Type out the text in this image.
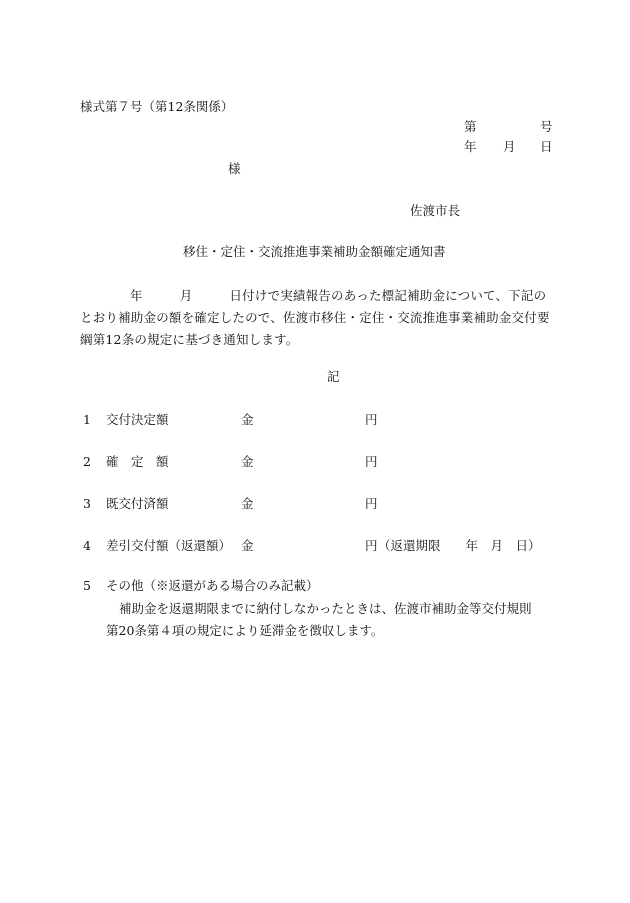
様式第７号（第12条関係）
第	号
年 月 日
様
佐渡市長
移住・定住・交流推進事業補助金額確定通知書
年	月	日付けで実績報告のあった標記補助金について、下記の
とおり補助金の額を確定したので、佐渡市移住・定住・交流推進事業補助金交付要
綱第12条の規定に基づき通知します。
記
1 交付決定額	金	円
2 確　定　額	金	円
3 既交付済額	金	円
4 差引交付額（返還額） 金	円 （返還期限　　年　月　日）
5 その他（※返還がある場合のみ記載）
補助金を返還期限までに納付しなかったときは、佐渡市補助金等交付規則
第20条第４項の規定により延滞金を徴収します。
